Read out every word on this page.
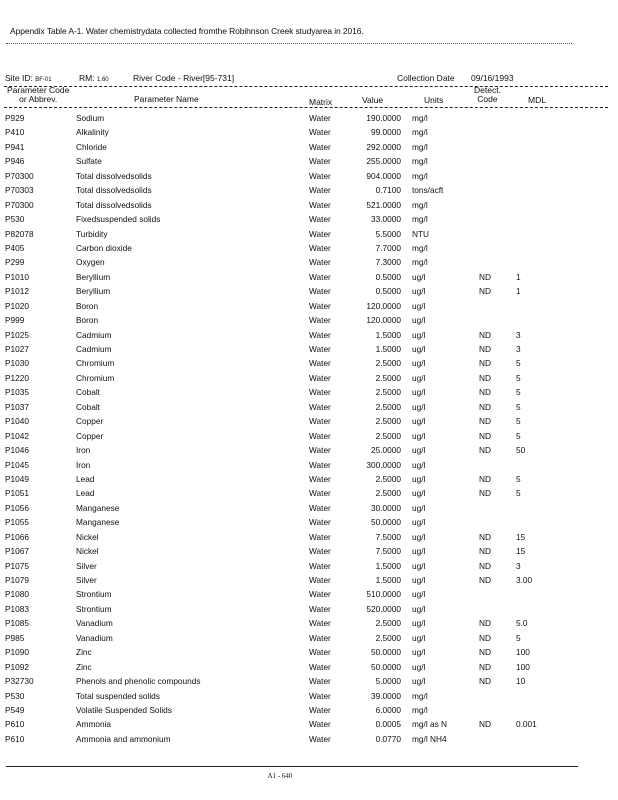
Appendix Table A-1. Water chemistrydata collected fromthe Robihnson Creek studyarea in 2016.
Site ID: BF-01	RM: 1.60	River Code - River[95-731]	Collection Date 09/16/1993
Parameter Code
or Abbrev.	Parameter Name	Matrix	Value	Units
Detect.
Code	MDL
P929	Sodium	Water	190.0000 mg/l
P410	Alkalinity	Water	99.0000 mg/l
P941	Chloride	Water	292.0000 mg/l
P946	Sulfate	Water	255.0000 mg/l
P70300	Total dissolvedsolids	Water	904.0000 mg/l
P70303	Total dissolvedsolids	Water	0.7100 tons/acft
P70300	Total dissolvedsolids	Water	521.0000 mg/l
P530	Fixedsuspended solids	Water	33.0000 mg/l
P82078	Turbidity	Water	5.5000 NTU
P405	Carbon dioxide	Water	7.7000 mg/l
P299	Oxygen	Water	7.3000 mg/l
P1010	Beryllium	Water	0.5000 ug/l	ND	1
P1012	Beryllium	Water	0.5000 ug/l	ND	1
P1020	Boron	Water	120.0000 ug/l
P999	Boron	Water	120.0000 ug/l
P1025	Cadmium	Water	1.5000 ug/l	ND	3
P1027	Cadmium	Water	1.5000 ug/l	ND	3
P1030	Chromium	Water	2.5000 ug/l	ND	5
P1220	Chromium	Water	2.5000 ug/l	ND	5
P1035	Cobalt	Water	2.5000 ug/l	ND	5
P1037	Cobalt	Water	2.5000 ug/l	ND	5
P1040	Copper	Water	2.5000 ug/l	ND	5
P1042	Copper	Water	2.5000 ug/l	ND	5
P1046	Iron	Water	25.0000 ug/l	ND	50
P1045	Iron	Water	300.0000 ug/l
P1049	Lead	Water	2.5000 ug/l	ND	5
P1051	Lead	Water	2.5000 ug/l	ND	5
P1056	Manganese	Water	30.0000 ug/l
P1055	Manganese	Water	50.0000 ug/l
P1066	Nickel	Water	7.5000 ug/l	ND	15
P1067	Nickel	Water	7.5000 ug/l	ND	15
P1075	Silver	Water	1.5000 ug/l	ND	3
P1079	Silver	Water	1.5000 ug/l	ND	3.00
P1080	Strontium	Water	510.0000 ug/l
P1083	Strontium	Water	520.0000 ug/l
P1085	Vanadium	Water	2.5000 ug/l	ND	5.0
P985	Vanadium	Water	2.5000 ug/l	ND	5
P1090	Zinc	Water	50.0000 ug/l	ND	100
P1092	Zinc	Water	50.0000 ug/l	ND	100
P32730	Phenols and phenolic compounds	Water	5.0000 ug/l	ND	10
P530	Total suspended solids	Water	39.0000 mg/l
P549	Volatile Suspended Solids	Water	6.0000 mg/l
P610	Ammonia	Water	0.0005 mg/l as N	ND	0.001
P610	Ammonia and ammonium	Water	0.0770 mg/l NH4
A1 - 640
